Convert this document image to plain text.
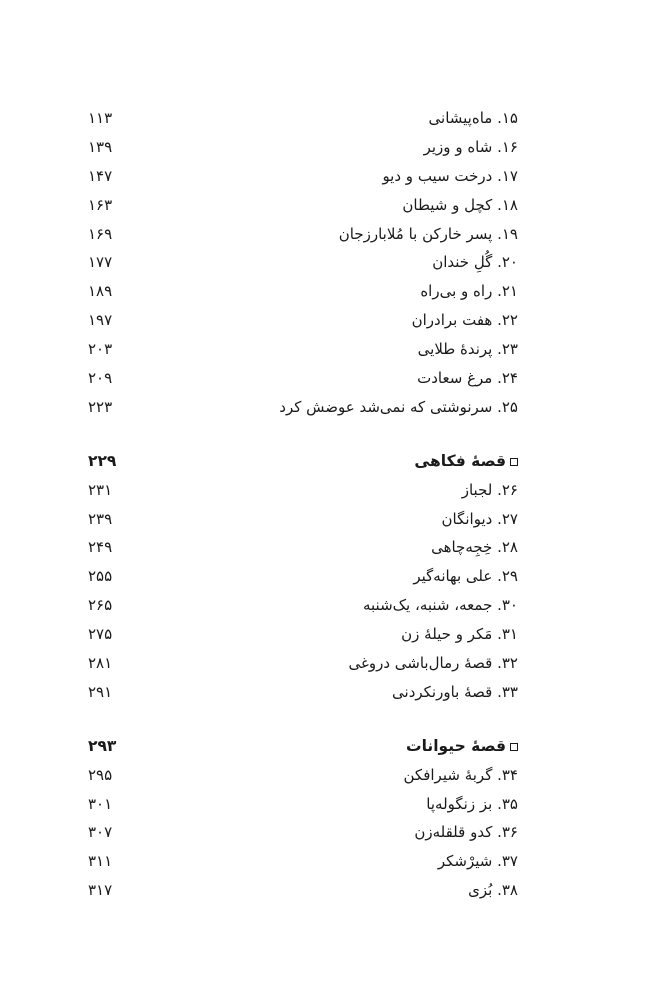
۱۵. ماه‌پیشانی
۱۱۳
۱۶. شاه و وزیر
۱۳۹
۱۷. درخت سیب و دیو
۱۴۷
۱۸. کچل و شیطان
۱۶۳
۱۹. پسر خارکن با مُلابارزجان
۱۶۹
۲۰. گُلِ خندان
۱۷۷
۲۱. راه و بی‌راه
۱۸۹
۲۲. هفت برادران
۱۹۷
۲۳. پرندهٔ طلایی
۲۰۳
۲۴. مرغ سعادت
۲۰۹
۲۵. سرنوشتی که نمی‌شد عوضش کرد
۲۲۳
قصهٔ فکاهی
۲۲۹
۲۶. لجباز
۲۳۱
۲۷. دیوانگان
۲۳۹
۲۸. خِجِه‌چاهی
۲۴۹
۲۹. علی بهانه‌گیر
۲۵۵
۳۰. جمعه، شنبه، یک‌شنبه
۲۶۵
۳۱. مَکر و حیلهٔ زن
۲۷۵
۳۲. قصهٔ رمال‌باشی دروغی
۲۸۱
۳۳. قصهٔ باورنکردنی
۲۹۱
قصهٔ حیوانات
۲۹۳
۳۴. گربهٔ شیرافکن
۲۹۵
۳۵. بز زنگوله‌پا
۳۰۱
۳۶. کدو قلقله‌زن
۳۰۷
۳۷. شیرْشکر
۳۱۱
۳۸. بُزی
۳۱۷
